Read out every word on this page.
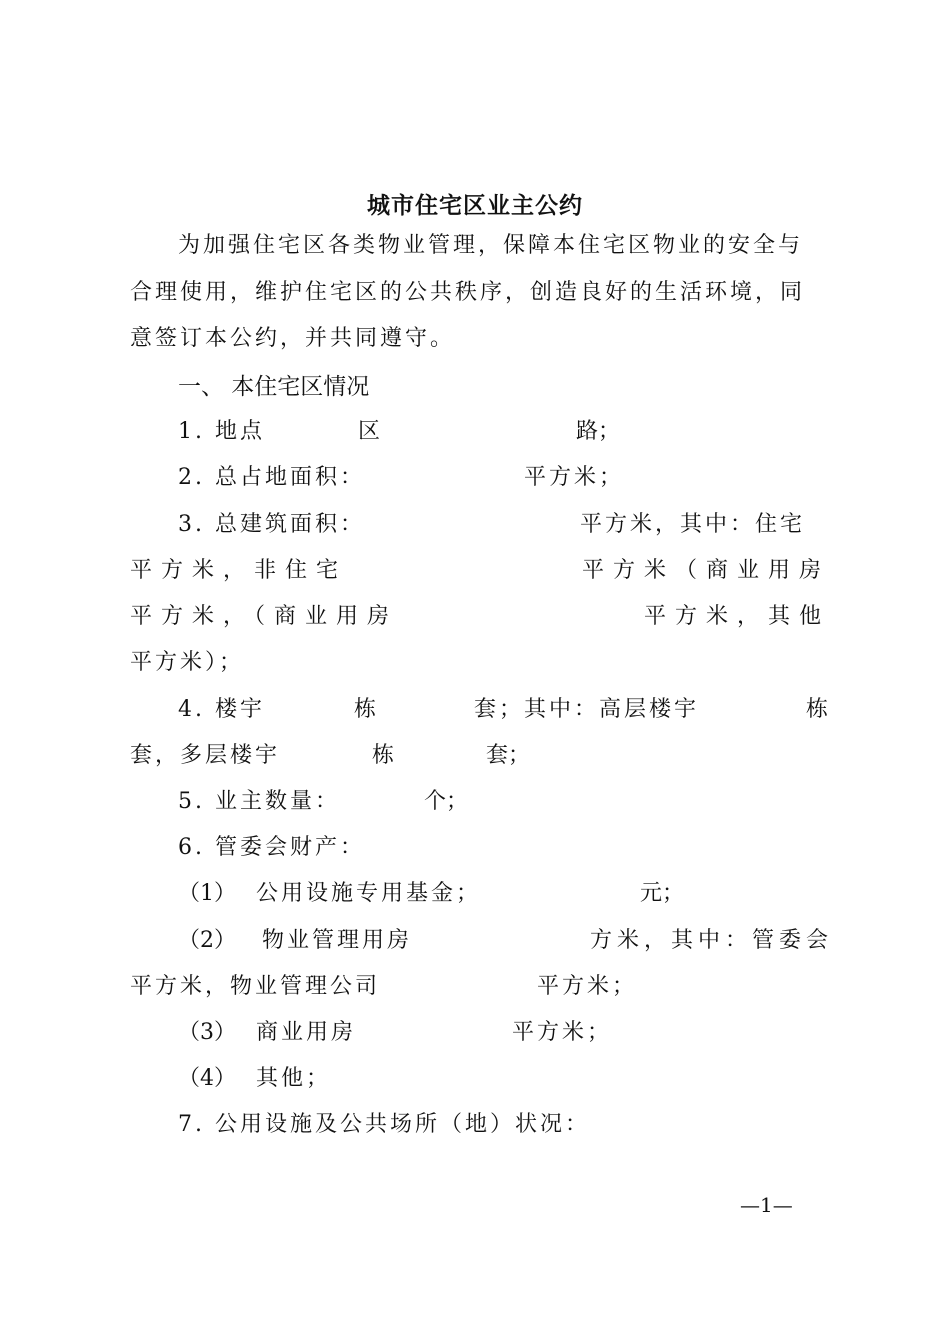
城市住宅区业主公约
为加强住宅区各类物业管理，保障本住宅区物业的安全与
合理使用，维护住宅区的公共秩序，创造良好的生活环境，同
意签订本公约，并共同遵守。
一、 本住宅区情况
1. 地点	区	路；
2. 总占地面积：	平方米；
3. 总建筑面积：	平方米，其中：住宅
平方米，非住宅	平方米（商业用房
平方米，（商业用房	平方米，其他
平方米）；
4. 楼宇	栋	套；其中：高层楼宇	栋
套，多层楼宇	栋	套；
5. 业主数量：	个；
6. 管委会财产：
（1） 公用设施专用基金；	元；
（2） 物业管理用房	方米，其中：管委会
平方米，物业管理公司	平方米；
（3） 商业用房	平方米；
（4） 其他；
7. 公用设施及公共场所（地）状况：
—1—
